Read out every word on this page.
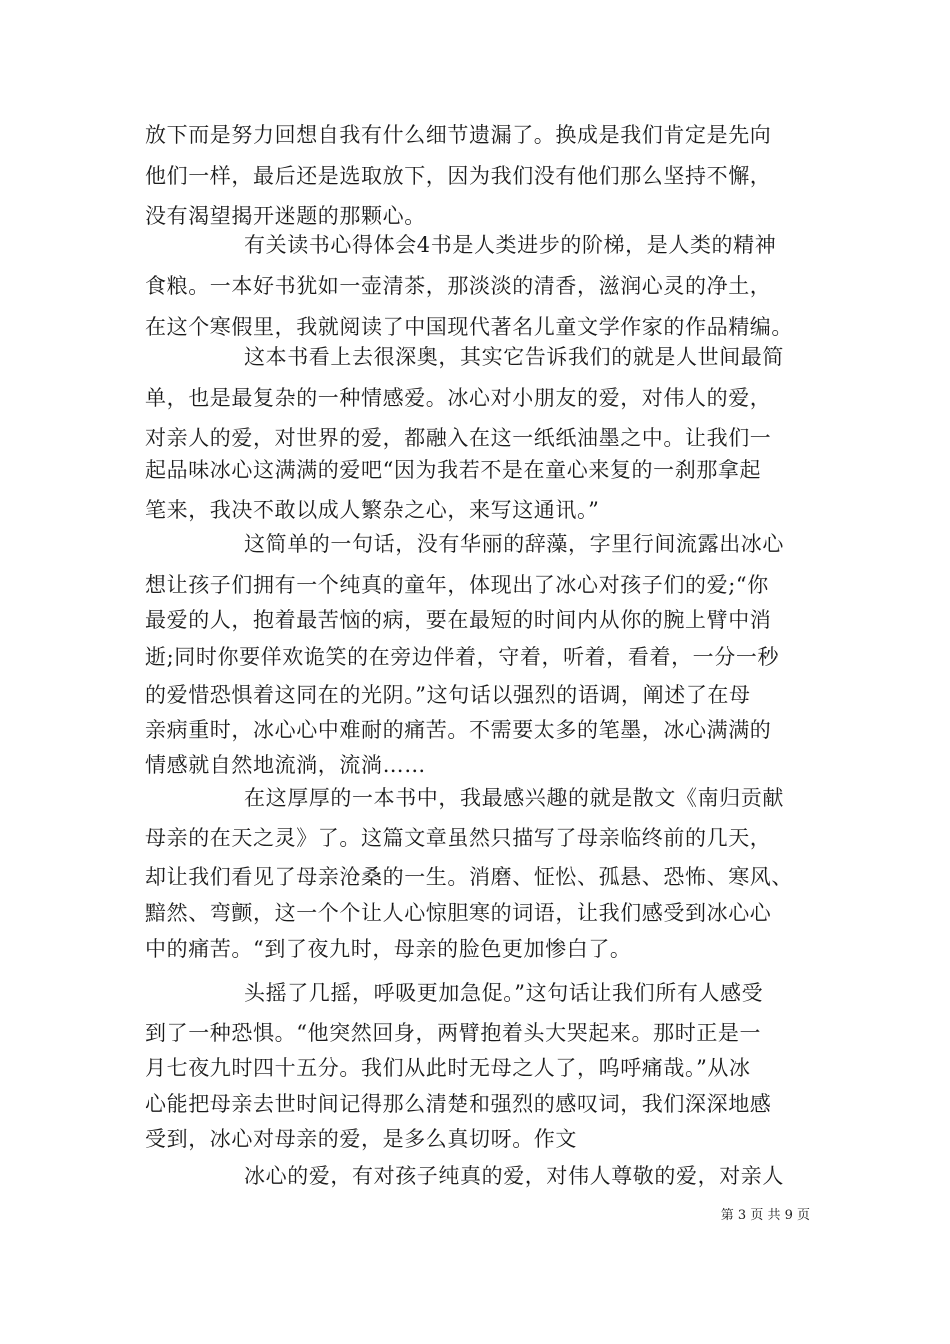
放下而是努力回想自我有什么细节遗漏了。换成是我们肯定是先向
他们一样，最后还是选取放下，因为我们没有他们那么坚持不懈，
没有渴望揭开迷题的那颗心。
有关读书心得体会4书是人类进步的阶梯，是人类的精神
食粮。一本好书犹如一壶清茶，那淡淡的清香，滋润心灵的净土，
在这个寒假里，我就阅读了中国现代著名儿童文学作家的作品精编。
这本书看上去很深奥，其实它告诉我们的就是人世间最简
单，也是最复杂的一种情感爱。冰心对小朋友的爱，对伟人的爱，
对亲人的爱，对世界的爱，都融入在这一纸纸油墨之中。让我们一
起品味冰心这满满的爱吧“因为我若不是在童心来复的一刹那拿起
笔来，我决不敢以成人繁杂之心，来写这通讯。”
这简单的一句话，没有华丽的辞藻，字里行间流露出冰心
想让孩子们拥有一个纯真的童年，体现出了冰心对孩子们的爱;“你
最爱的人，抱着最苦恼的病，要在最短的时间内从你的腕上臂中消
逝;同时你要佯欢诡笑的在旁边伴着，守着，听着，看着，一分一秒
的爱惜恐惧着这同在的光阴。”这句话以强烈的语调，阐述了在母
亲病重时，冰心心中难耐的痛苦。不需要太多的笔墨，冰心满满的
情感就自然地流淌，流淌……
在这厚厚的一本书中，我最感兴趣的就是散文《南归贡献
母亲的在天之灵》了。这篇文章虽然只描写了母亲临终前的几天，
却让我们看见了母亲沧桑的一生。消磨、怔忪、孤悬、恐怖、寒风、
黯然、弯颤，这一个个让人心惊胆寒的词语，让我们感受到冰心心
中的痛苦。“到了夜九时，母亲的脸色更加惨白了。
头摇了几摇，呼吸更加急促。”这句话让我们所有人感受
到了一种恐惧。“他突然回身，两臂抱着头大哭起来。那时正是一
月七夜九时四十五分。我们从此时无母之人了，呜呼痛哉。”从冰
心能把母亲去世时间记得那么清楚和强烈的感叹词，我们深深地感
受到，冰心对母亲的爱，是多么真切呀。作文
冰心的爱，有对孩子纯真的爱，对伟人尊敬的爱，对亲人
第 3 页 共 9 页
